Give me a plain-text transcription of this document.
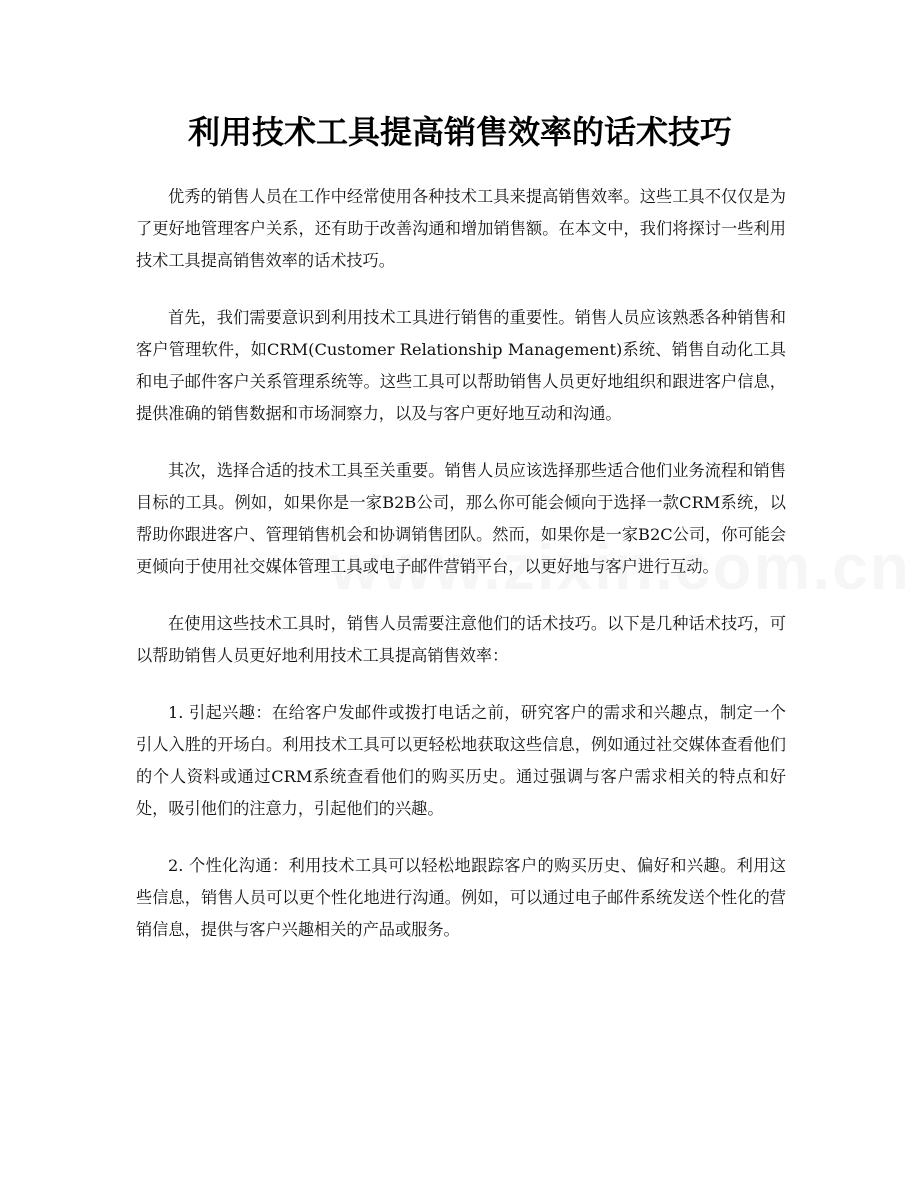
利用技术工具提高销售效率的话术技巧

优秀的销售人员在工作中经常使用各种技术工具来提高销售效率。这些工具不仅仅是为了更好地管理客户关系，还有助于改善沟通和增加销售额。在本文中，我们将探讨一些利用技术工具提高销售效率的话术技巧。

首先，我们需要意识到利用技术工具进行销售的重要性。销售人员应该熟悉各种销售和客户管理软件，如CRM(Customer Relationship Management)系统、销售自动化工具和电子邮件客户关系管理系统等。这些工具可以帮助销售人员更好地组织和跟进客户信息，提供准确的销售数据和市场洞察力，以及与客户更好地互动和沟通。

其次，选择合适的技术工具至关重要。销售人员应该选择那些适合他们业务流程和销售目标的工具。例如，如果你是一家B2B公司，那么你可能会倾向于选择一款CRM系统，以帮助你跟进客户、管理销售机会和协调销售团队。然而，如果你是一家B2C公司，你可能会更倾向于使用社交媒体管理工具或电子邮件营销平台，以更好地与客户进行互动。

在使用这些技术工具时，销售人员需要注意他们的话术技巧。以下是几种话术技巧，可以帮助销售人员更好地利用技术工具提高销售效率：

1. 引起兴趣：在给客户发邮件或拨打电话之前，研究客户的需求和兴趣点，制定一个引人入胜的开场白。利用技术工具可以更轻松地获取这些信息，例如通过社交媒体查看他们的个人资料或通过CRM系统查看他们的购买历史。通过强调与客户需求相关的特点和好处，吸引他们的注意力，引起他们的兴趣。

2. 个性化沟通：利用技术工具可以轻松地跟踪客户的购买历史、偏好和兴趣。利用这些信息，销售人员可以更个性化地进行沟通。例如，可以通过电子邮件系统发送个性化的营销信息，提供与客户兴趣相关的产品或服务。
